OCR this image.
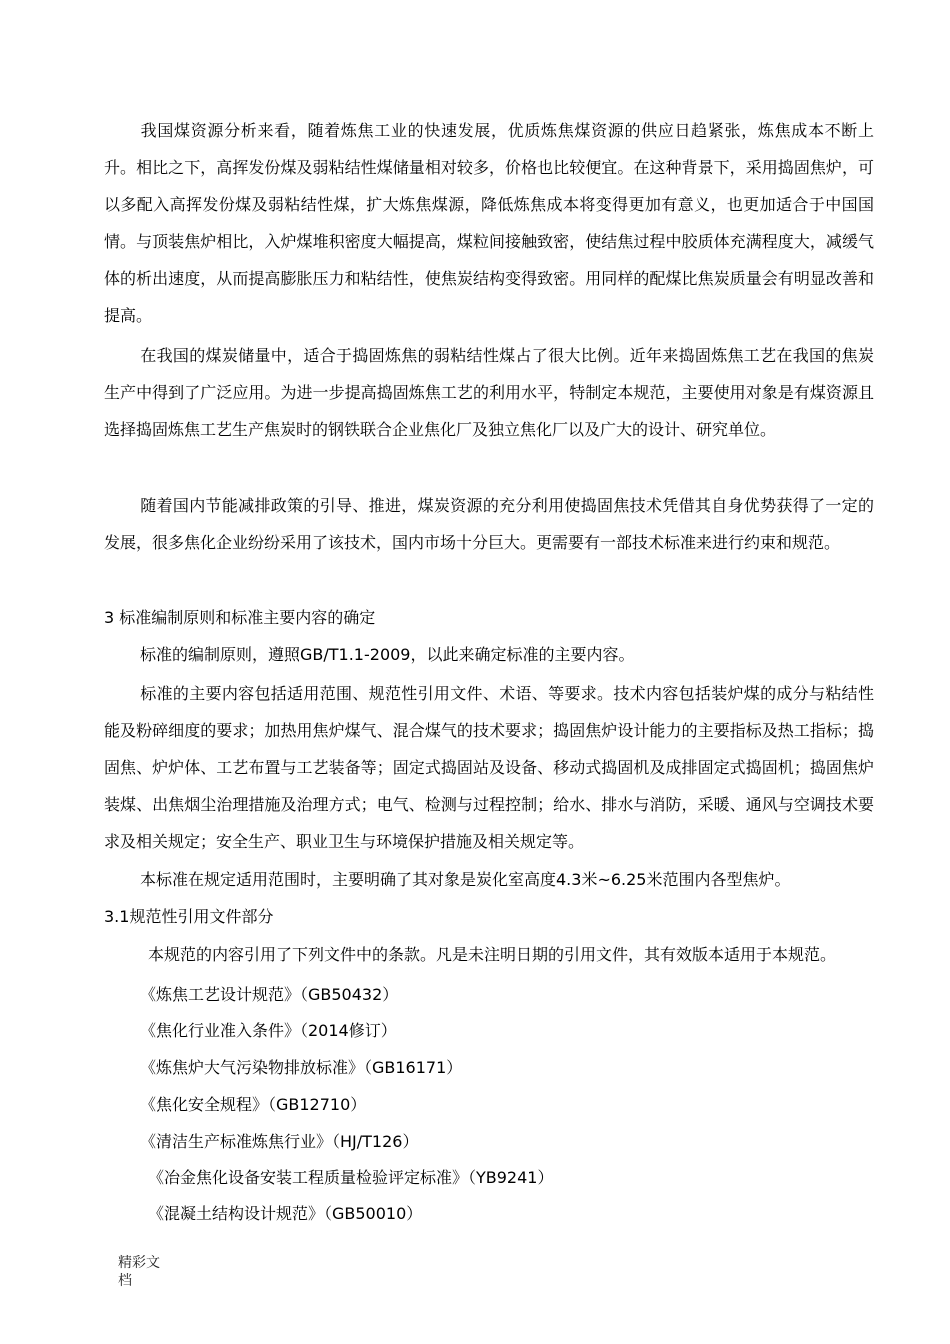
我国煤资源分析来看，随着炼焦工业的快速发展，优质炼焦煤资源的供应日趋紧张，炼焦成本不断上升。相比之下，高挥发份煤及弱粘结性煤储量相对较多，价格也比较便宜。在这种背景下，采用捣固焦炉，可以多配入高挥发份煤及弱粘结性煤，扩大炼焦煤源，降低炼焦成本将变得更加有意义，也更加适合于中国国情。与顶装焦炉相比，入炉煤堆积密度大幅提高，煤粒间接触致密，使结焦过程中胶质体充满程度大，减缓气体的析出速度，从而提高膨胀压力和粘结性，使焦炭结构变得致密。用同样的配煤比焦炭质量会有明显改善和提高。

在我国的煤炭储量中，适合于捣固炼焦的弱粘结性煤占了很大比例。近年来捣固炼焦工艺在我国的焦炭生产中得到了广泛应用。为进一步提高捣固炼焦工艺的利用水平，特制定本规范，主要使用对象是有煤资源且选择捣固炼焦工艺生产焦炭时的钢铁联合企业焦化厂及独立焦化厂以及广大的设计、研究单位。

随着国内节能减排政策的引导、推进，煤炭资源的充分利用使捣固焦技术凭借其自身优势获得了一定的发展，很多焦化企业纷纷采用了该技术，国内市场十分巨大。更需要有一部技术标准来进行约束和规范。

3 标准编制原则和标准主要内容的确定

标准的编制原则，遵照GB/T1.1-2009，以此来确定标准的主要内容。

标准的主要内容包括适用范围、规范性引用文件、术语、等要求。技术内容包括装炉煤的成分与粘结性能及粉碎细度的要求；加热用焦炉煤气、混合煤气的技术要求；捣固焦炉设计能力的主要指标及热工指标；捣固焦、炉炉体、工艺布置与工艺装备等；固定式捣固站及设备、移动式捣固机及成排固定式捣固机；捣固焦炉装煤、出焦烟尘治理措施及治理方式；电气、检测与过程控制；给水、排水与消防，采暖、通风与空调技术要求及相关规定；安全生产、职业卫生与环境保护措施及相关规定等。

本标准在规定适用范围时，主要明确了其对象是炭化室高度4.3米~6.25米范围内各型焦炉。

3.1规范性引用文件部分

本规范的内容引用了下列文件中的条款。凡是未注明日期的引用文件，其有效版本适用于本规范。

《炼焦工艺设计规范》（GB50432）

《焦化行业准入条件》（2014修订）

《炼焦炉大气污染物排放标准》（GB16171）

《焦化安全规程》（GB12710）

《清洁生产标准炼焦行业》（HJ/T126）

《冶金焦化设备安装工程质量检验评定标准》（YB9241）

《混凝土结构设计规范》（GB50010）

精彩文档
